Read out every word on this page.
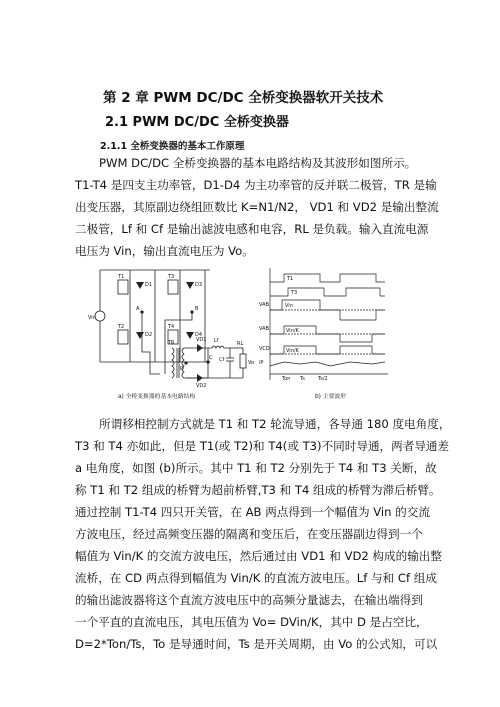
第 2 章 PWM DC/DC 全桥变换器软开关技术
2.1 PWM DC/DC 全桥变换器
2.1.1 全桥变换器的基本工作原理

PWM DC/DC 全桥变换器的基本电路结构及其波形如图所示。

T1-T4 是四支主功率管，D1-D4 为主功率管的反并联二极管，TR 是输

出变压器，其原副边绕组匝数比 K=N1/N2， VD1 和 VD2 是输出整流

二极管，Lf 和 Cf 是输出滤波电感和电容，RL 是负载。输入直流电源

电压为 Vin，输出直流电压为 Vo。

Vin
T1
D1
T2
D2
T3
D3
T4
D4
A	B
TR	VD1
VD2
C
D
Lf
Cf
RL
Vo
a) 全桥变换器的基本电路结构
T1
T3
VAB	Vin
VAB	Vin/K
VCD	Vin/K
iP
Ton Ts	Ts/2
b) 主要波形

所谓移相控制方式就是 T1 和 T2 轮流导通，各导通 180 度电角度，

T3 和 T4 亦如此，但是 T1(或 T2)和 T4(或 T3)不同时导通，两者导通差

a 电角度，如图 (b)所示。其中 T1 和 T2 分别先于 T4 和 T3 关断，故

称 T1 和 T2 组成的桥臂为超前桥臂,T3 和 T4 组成的桥臂为滞后桥臂。

通过控制 T1-T4 四只开关管，在 AB 两点得到一个幅值为 Vin 的交流

方波电压，经过高频变压器的隔离和变压后，在变压器副边得到一个

幅值为 Vin/K 的交流方波电压，然后通过由 VD1 和 VD2 构成的输出整

流桥，在 CD 两点得到幅值为 Vin/K 的直流方波电压。Lf 与和 Cf 组成

的输出滤波器将这个直流方波电压中的高频分量滤去，在输出端得到

一个平直的直流电压，其电压值为 Vo= DVin/K，其中 D 是占空比，

D=2*Ton/Ts，To 是导通时间，Ts 是开关周期，由 Vo 的公式知，可以
